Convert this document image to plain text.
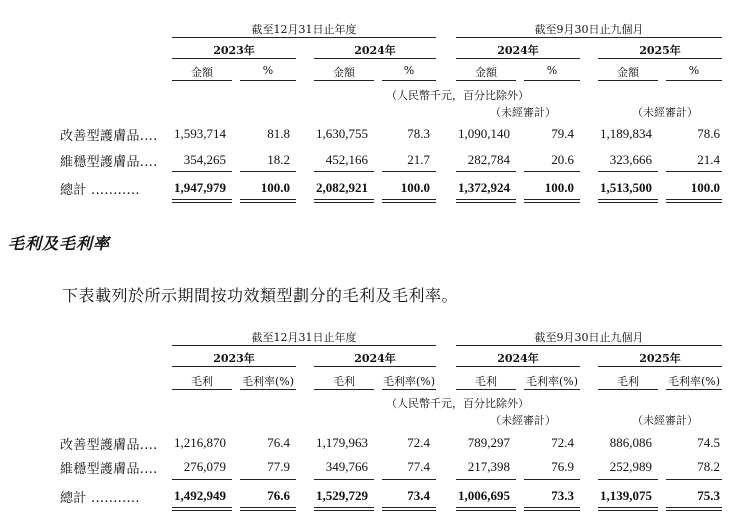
截至12月31日止年度	截至9月30日止九個月
2023年	2024年	2024年	2025年
金額	%	金額	%	金額	%	金額	%
（人民幣千元，百分比除外）
（未經審計）	（未經審計）
改善型護膚品....	1,593,714	81.8	1,630,755	78.3	1,090,140	79.4	1,189,834	78.6
維穩型護膚品....	354,265	18.2	452,166	21.7	282,784	20.6	323,666	21.4
總計 ...........	1,947,979	100.0	2,082,921	100.0	1,372,924	100.0	1,513,500	100.0
毛利及毛利率
下表載列於所示期間按功效類型劃分的毛利及毛利率。
截至12月31日止年度	截至9月30日止九個月
2023年	2024年	2024年	2025年
毛利	毛利率(%)	毛利	毛利率(%)	毛利	毛利率(%)	毛利	毛利率(%)
（人民幣千元，百分比除外）
（未經審計）	（未經審計）
改善型護膚品....	1,216,870	76.4	1,179,963	72.4	789,297	72.4	886,086	74.5
維穩型護膚品....	276,079	77.9	349,766	77.4	217,398	76.9	252,989	78.2
總計 ...........	1,492,949	76.6	1,529,729	73.4	1,006,695	73.3	1,139,075	75.3
